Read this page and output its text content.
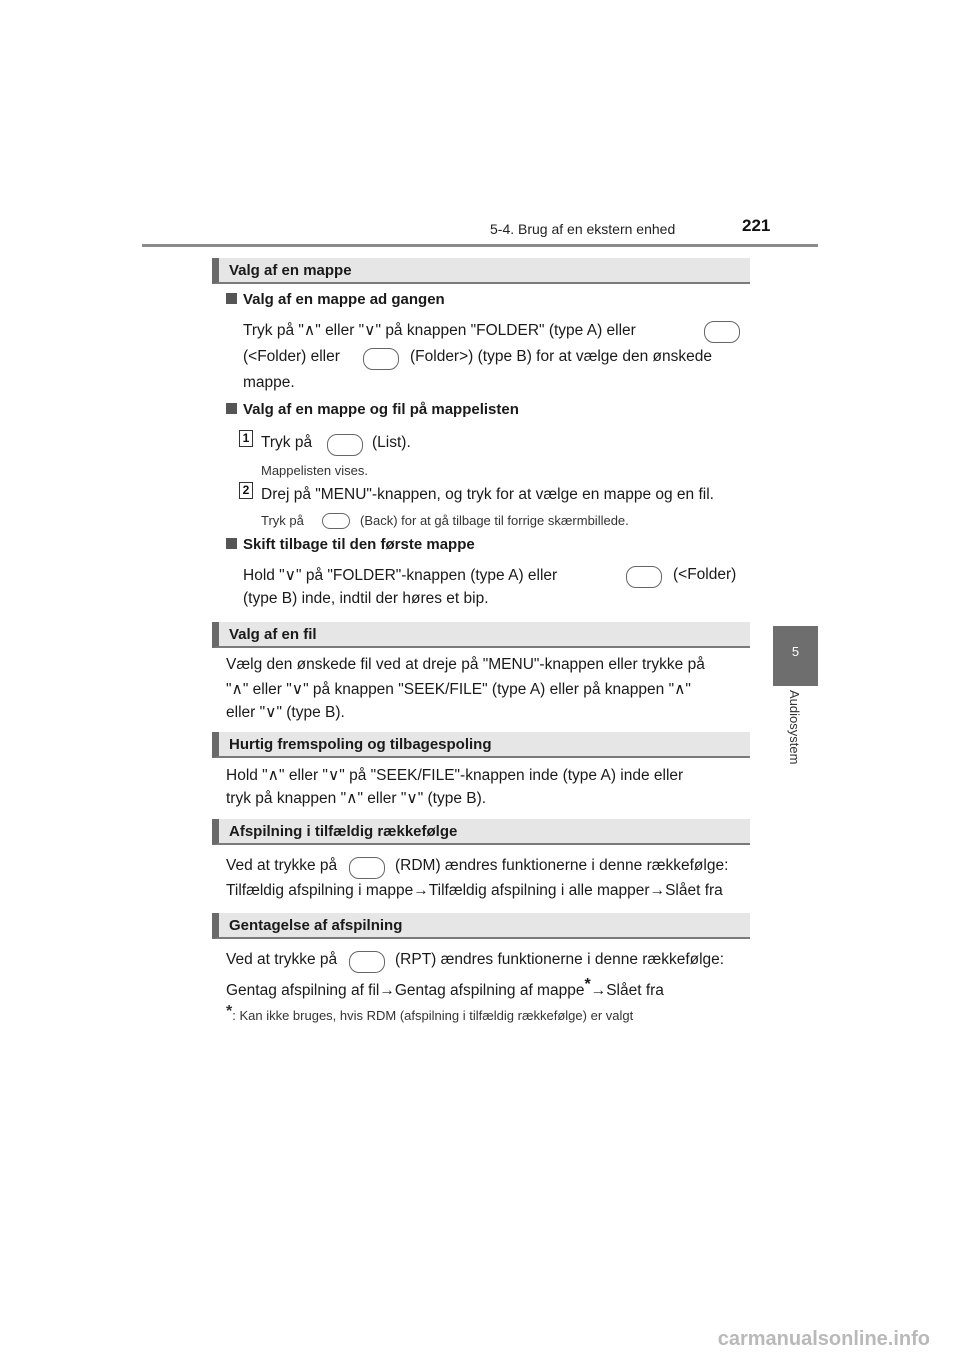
5-4. Brug af en ekstern enhed	221
5
Audiosystem
Valg af en mappe
Valg af en mappe ad gangen
Tryk på "∧" eller "∨" på knappen "FOLDER" (type A) eller
(<Folder) eller	(Folder>) (type B) for at vælge den ønskede
mappe.
Valg af en mappe og fil på mappelisten
1 Tryk på	(List).
Mappelisten vises.
2 Drej på "MENU"-knappen, og tryk for at vælge en mappe og en fil.
Tryk på	(Back) for at gå tilbage til forrige skærmbillede.
Skift tilbage til den første mappe
Hold "∨" på "FOLDER"-knappen (type A) eller	(<Folder)
(type B) inde, indtil der høres et bip.
Valg af en fil
Vælg den ønskede fil ved at dreje på "MENU"-knappen eller trykke på
"∧" eller "∨" på knappen "SEEK/FILE" (type A) eller på knappen "∧"
eller "∨" (type B).
Hurtig fremspoling og tilbagespoling
Hold "∧" eller "∨" på "SEEK/FILE"-knappen inde (type A) inde eller
tryk på knappen "∧" eller "∨" (type B).
Afspilning i tilfældig rækkefølge
Ved at trykke på	(RDM) ændres funktionerne i denne rækkefølge:
Tilfældig afspilning i mappe→Tilfældig afspilning i alle mapper→Slået fra
Gentagelse af afspilning
Ved at trykke på	(RPT) ændres funktionerne i denne rækkefølge:
Gentag afspilning af fil→Gentag afspilning af mappe*→Slået fra
*: Kan ikke bruges, hvis RDM (afspilning i tilfældig rækkefølge) er valgt
carmanualsonline.info
